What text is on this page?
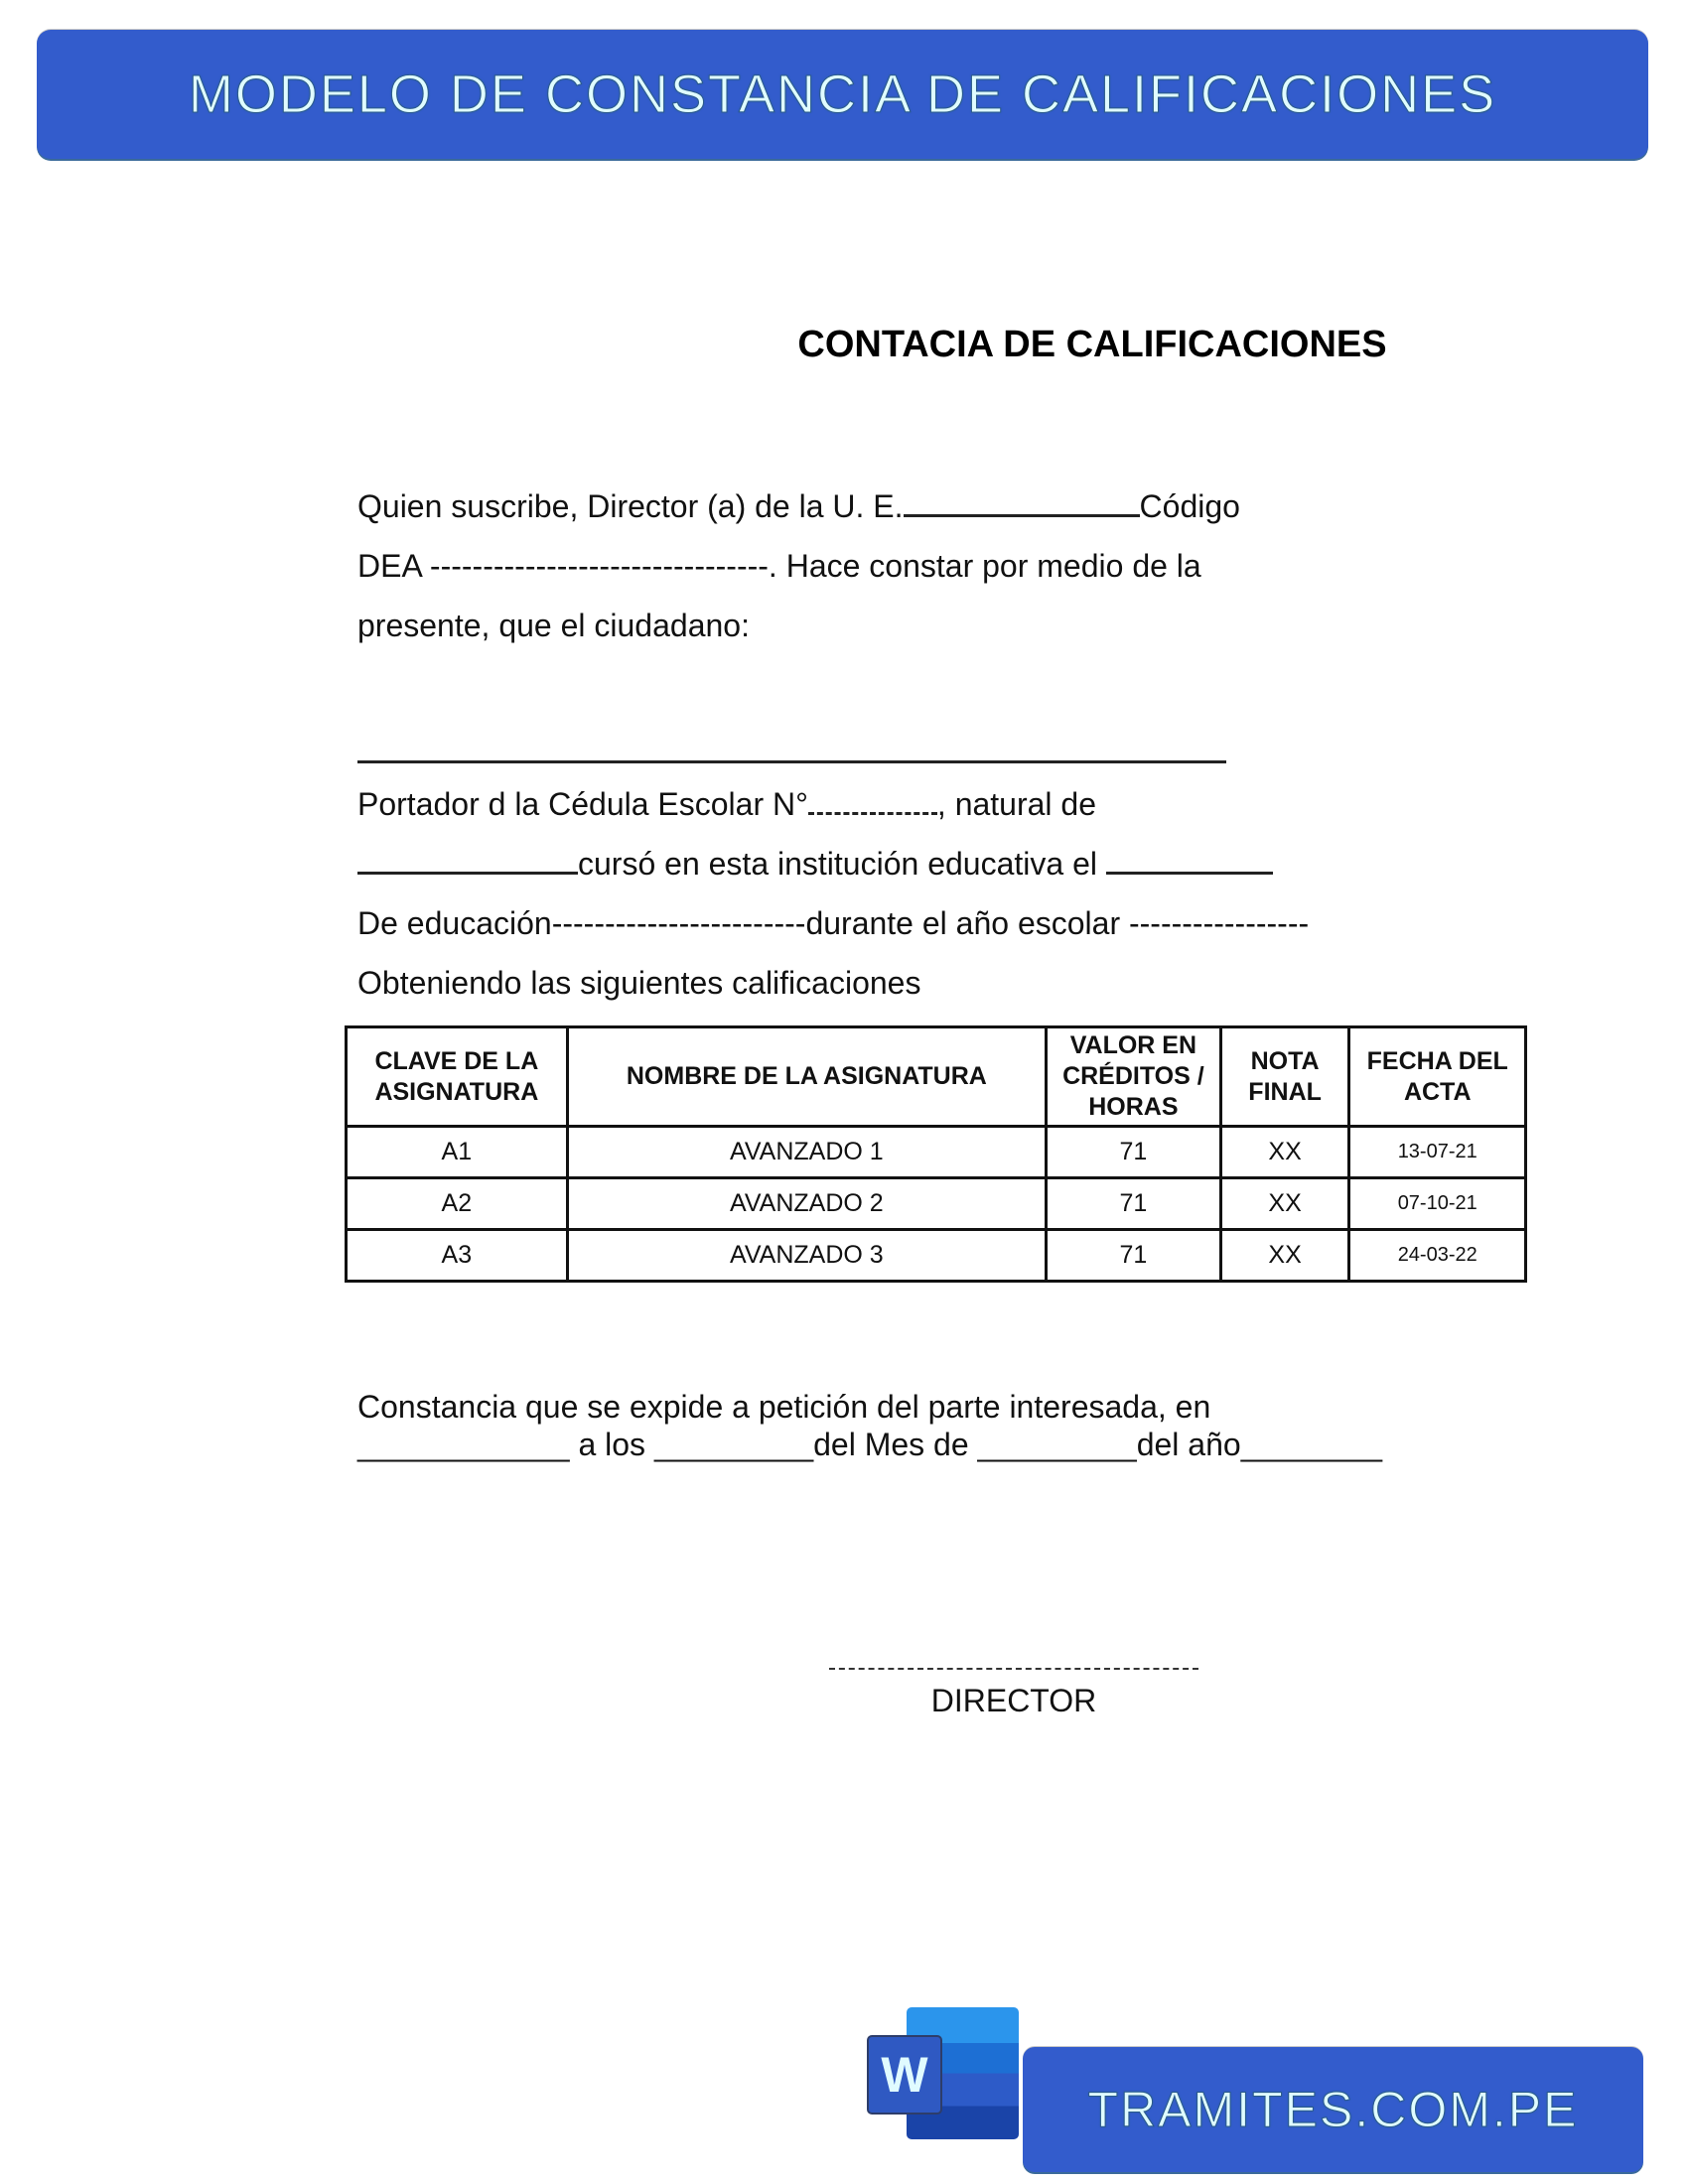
MODELO DE CONSTANCIA DE CALIFICACIONES
CONTACIA DE CALIFICACIONES
Quien suscribe, Director (a) de la U. E.	Código
DEA --------------------------------. Hace constar por medio de la
presente, que el ciudadano:
Portador d la Cédula Escolar N°	, natural de
cursó en esta institución educativa el
De educación------------------------durante el año escolar -----------------
Obteniendo las siguientes calificaciones
CLAVE DE LA ASIGNATURA	NOMBRE DE LA ASIGNATURA	VALOR EN CRÉDITOS / HORAS	NOTA FINAL	FECHA DEL ACTA
A1	AVANZADO 1	71	XX	13-07-21
A2	AVANZADO 2	71	XX	07-10-21
A3	AVANZADO 3	71	XX	24-03-22
Constancia que se expide a petición del parte interesada, en
____________ a los _________del Mes de _________del año________
DIRECTOR
W
TRAMITES.COM.PE
